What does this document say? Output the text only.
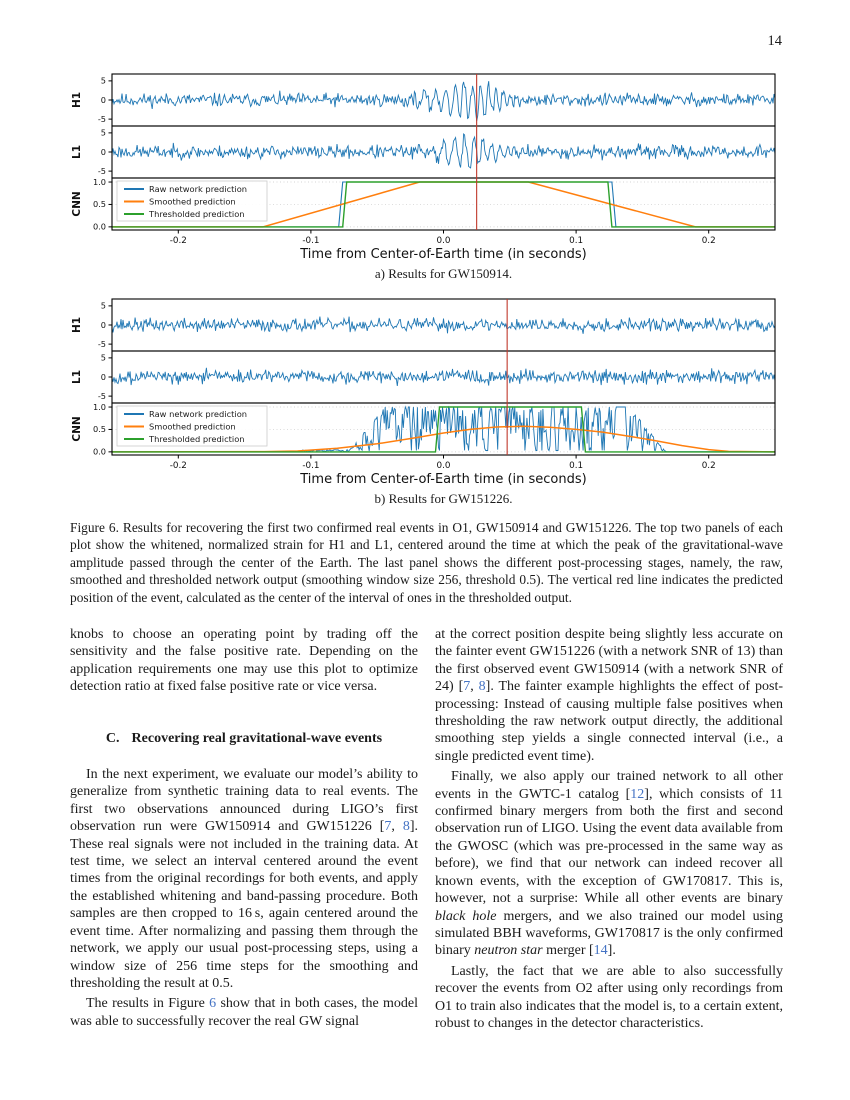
14
5
0
-5
H1
5
0
-5
L1
Raw network prediction
Smoothed prediction
Thresholded prediction
1.0
0.5
0.0
CNN
-0.2	-0.1	0.0	0.1	0.2
Time from Center-of-Earth time (in seconds)
a) Results for GW150914.
5
0
-5
H1
5
0
-5
L1
Raw network prediction
Smoothed prediction
Thresholded prediction
1.0
0.5
0.0
CNN
-0.2	-0.1	0.0	0.1	0.2
Time from Center-of-Earth time (in seconds)
b) Results for GW151226.
Figure 6. Results for recovering the first two confirmed real events in O1, GW150914 and GW151226. The top two panels of each plot show the whitened, normalized strain for H1 and L1, centered around the time at which the peak of the gravitational-wave amplitude passed through the center of the Earth. The last panel shows the different post-processing stages, namely, the raw, smoothed and thresholded network output (smoothing window size 256, threshold 0.5). The vertical red line indicates the predicted position of the event, calculated as the center of the interval of ones in the thresholded output.

knobs to choose an operating point by trading off the sensitivity and the false positive rate. Depending on the application requirements one may use this plot to optimize detection ratio at fixed false positive rate or vice versa.

C. Recovering real gravitational-wave events

In the next experiment, we evaluate our model’s ability to generalize from synthetic training data to real events. The first two observations announced during LIGO’s first observation run were GW150914 and GW151226 [7, 8]. These real signals were not included in the training data. At test time, we select an interval centered around the event times from the original recordings for both events, and apply the established whitening and band-passing procedure. Both samples are then cropped to 16 s, again centered around the event time. After normalizing and passing them through the network, we apply our usual post-processing steps, using a window size of 256 time steps for the smoothing and thresholding the result at 0.5.

The results in Figure 6 show that in both cases, the model was able to successfully recover the real GW signal

at the correct position despite being slightly less accurate on the fainter event GW151226 (with a network SNR of 13) than the first observed event GW150914 (with a network SNR of 24) [7, 8]. The fainter example highlights the effect of post-processing: Instead of causing multiple false positives when thresholding the raw network output directly, the additional smoothing step yields a single connected interval (i.e., a single predicted event time).

Finally, we also apply our trained network to all other events in the GWTC-1 catalog [12], which consists of 11 confirmed binary mergers from both the first and second observation run of LIGO. Using the event data available from the GWOSC (which was pre-processed in the same way as before), we find that our network can indeed recover all known events, with the exception of GW170817. This is, however, not a surprise: While all other events are binary black hole mergers, and we also trained our model using simulated BBH waveforms, GW170817 is the only confirmed binary neutron star merger [14].

Lastly, the fact that we are able to also successfully recover the events from O2 after using only recordings from O1 to train also indicates that the model is, to a certain extent, robust to changes in the detector characteristics.
